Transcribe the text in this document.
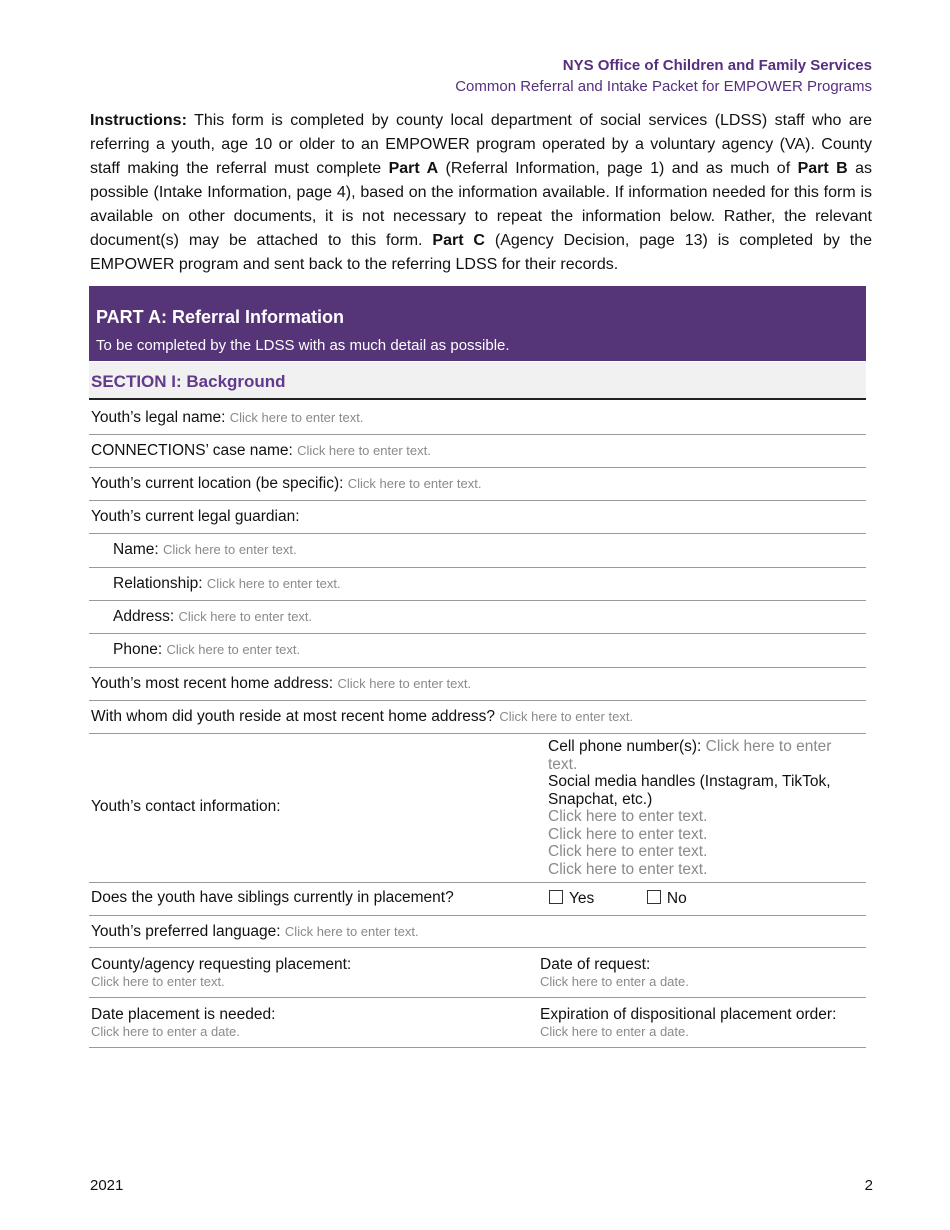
NYS Office of Children and Family Services
Common Referral and Intake Packet for EMPOWER Programs
Instructions: This form is completed by county local department of social services (LDSS) staff who are referring a youth, age 10 or older to an EMPOWER program operated by a voluntary agency (VA). County staff making the referral must complete Part A (Referral Information, page 1) and as much of Part B as possible (Intake Information, page 4), based on the information available. If information needed for this form is available on other documents, it is not necessary to repeat the information below. Rather, the relevant document(s) may be attached to this form. Part C (Agency Decision, page 13) is completed by the EMPOWER program and sent back to the referring LDSS for their records.
PART A: Referral Information
To be completed by the LDSS with as much detail as possible.
SECTION I: Background
Youth’s legal name: Click here to enter text.
CONNECTIONS’ case name: Click here to enter text.
Youth’s current location (be specific): Click here to enter text.
Youth’s current legal guardian:
Name: Click here to enter text.
Relationship: Click here to enter text.
Address: Click here to enter text.
Phone: Click here to enter text.
Youth’s most recent home address: Click here to enter text.
With whom did youth reside at most recent home address? Click here to enter text.
Youth’s contact information:
Cell phone number(s): Click here to enter text.
Social media handles (Instagram, TikTok, Snapchat, etc.)
Click here to enter text.
Click here to enter text.
Click here to enter text.
Click here to enter text.
Does the youth have siblings currently in placement?	Yes	No
Youth’s preferred language: Click here to enter text.
County/agency requesting placement:
Click here to enter text.
Date of request:
Click here to enter a date.
Date placement is needed:
Click here to enter a date.
Expiration of dispositional placement order:
Click here to enter a date.
2021	2
